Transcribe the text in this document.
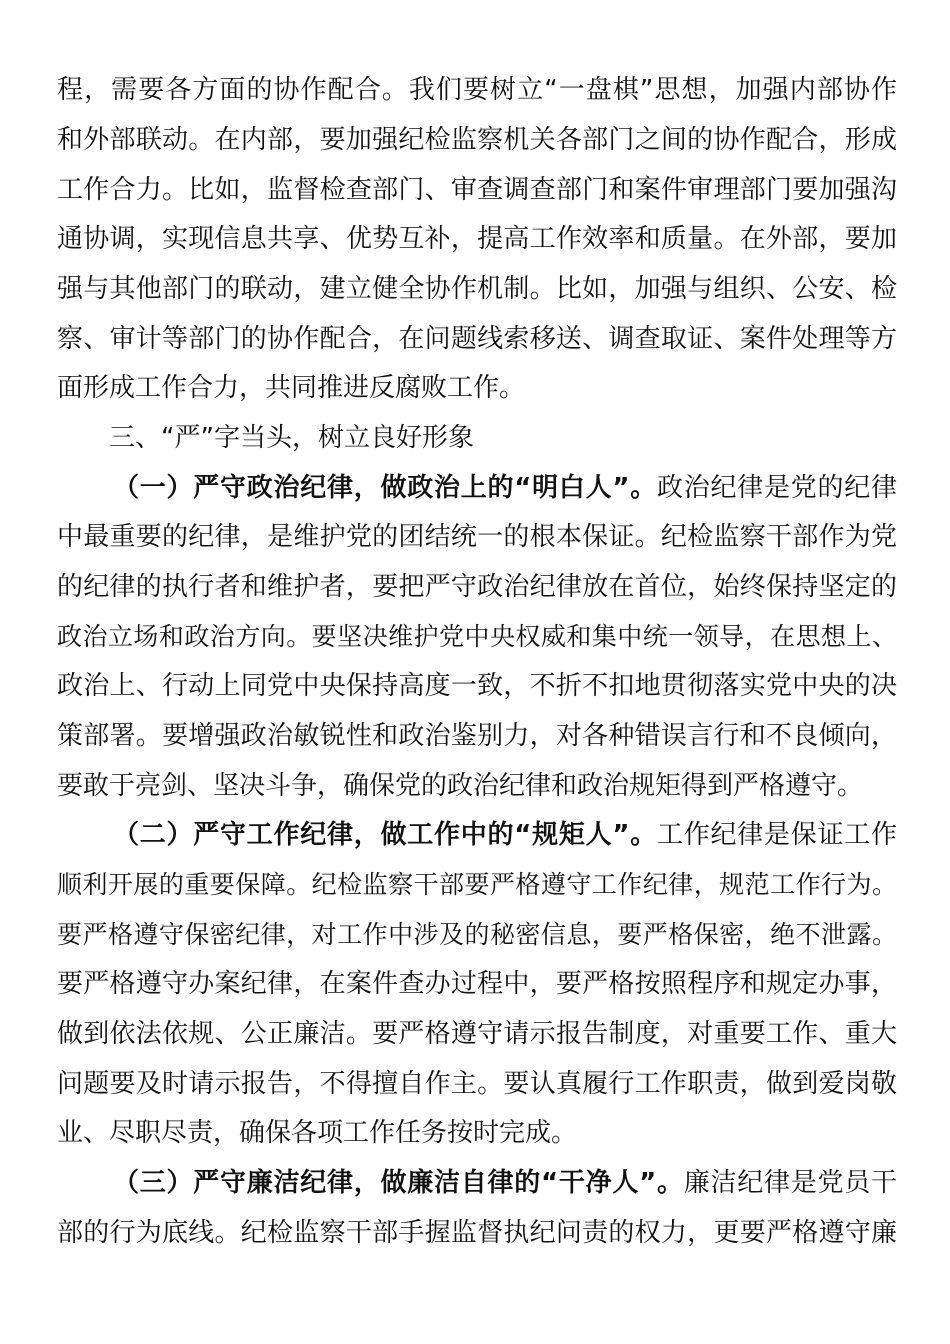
程，需要各方面的协作配合。我们要树立“一盘棋”思想，加强内部协作
和外部联动。在内部，要加强纪检监察机关各部门之间的协作配合，形成
工作合力。比如，监督检查部门、审查调查部门和案件审理部门要加强沟
通协调，实现信息共享、优势互补，提高工作效率和质量。在外部，要加
强与其他部门的联动，建立健全协作机制。比如，加强与组织、公安、检
察、审计等部门的协作配合，在问题线索移送、调查取证、案件处理等方
面形成工作合力，共同推进反腐败工作。
三、“严”字当头，树立良好形象
（一）严守政治纪律，做政治上的“明白人”。政治纪律是党的纪律
中最重要的纪律，是维护党的团结统一的根本保证。纪检监察干部作为党
的纪律的执行者和维护者，要把严守政治纪律放在首位，始终保持坚定的
政治立场和政治方向。要坚决维护党中央权威和集中统一领导，在思想上、
政治上、行动上同党中央保持高度一致，不折不扣地贯彻落实党中央的决
策部署。要增强政治敏锐性和政治鉴别力，对各种错误言行和不良倾向，
要敢于亮剑、坚决斗争，确保党的政治纪律和政治规矩得到严格遵守。
（二）严守工作纪律，做工作中的“规矩人”。工作纪律是保证工作
顺利开展的重要保障。纪检监察干部要严格遵守工作纪律，规范工作行为。
要严格遵守保密纪律，对工作中涉及的秘密信息，要严格保密，绝不泄露。
要严格遵守办案纪律，在案件查办过程中，要严格按照程序和规定办事，
做到依法依规、公正廉洁。要严格遵守请示报告制度，对重要工作、重大
问题要及时请示报告，不得擅自作主。要认真履行工作职责，做到爱岗敬
业、尽职尽责，确保各项工作任务按时完成。
（三）严守廉洁纪律，做廉洁自律的“干净人”。廉洁纪律是党员干
部的行为底线。纪检监察干部手握监督执纪问责的权力，更要严格遵守廉
